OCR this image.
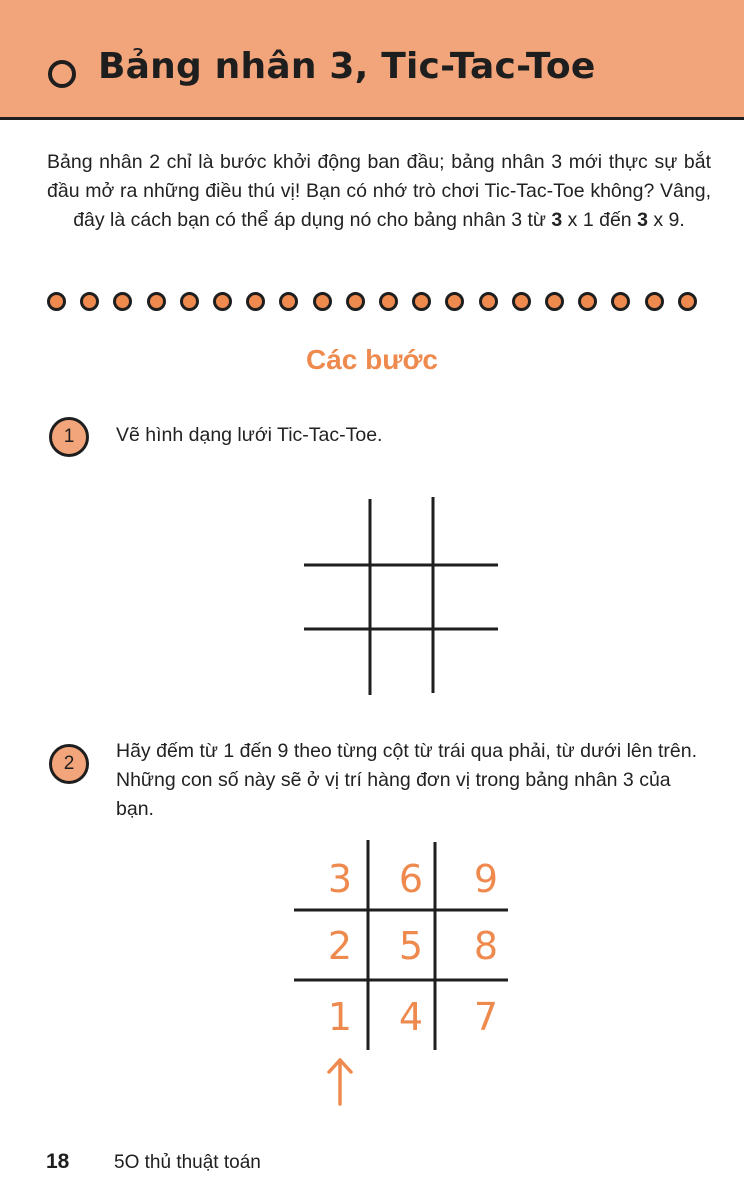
Bảng nhân 3, Tic-Tac-Toe
Bảng nhân 2 chỉ là bước khởi động ban đầu; bảng nhân 3 mới thực sự bắt đầu mở ra những điều thú vị! Bạn có nhớ trò chơi Tic-Tac-Toe không? Vâng, đây là cách bạn có thể áp dụng nó cho bảng nhân 3 từ 3 x 1 đến 3 x 9.
Các bước
1 Vẽ hình dạng lưới Tic-Tac-Toe.
2
Hãy đếm từ 1 đến 9 theo từng cột từ trái qua phải, từ dưới lên trên. Những con số này sẽ ở vị trí hàng đơn vị trong bảng nhân 3 của bạn.
3 6 9
2 5 8
1 4 7
18 5O thủ thuật toán
